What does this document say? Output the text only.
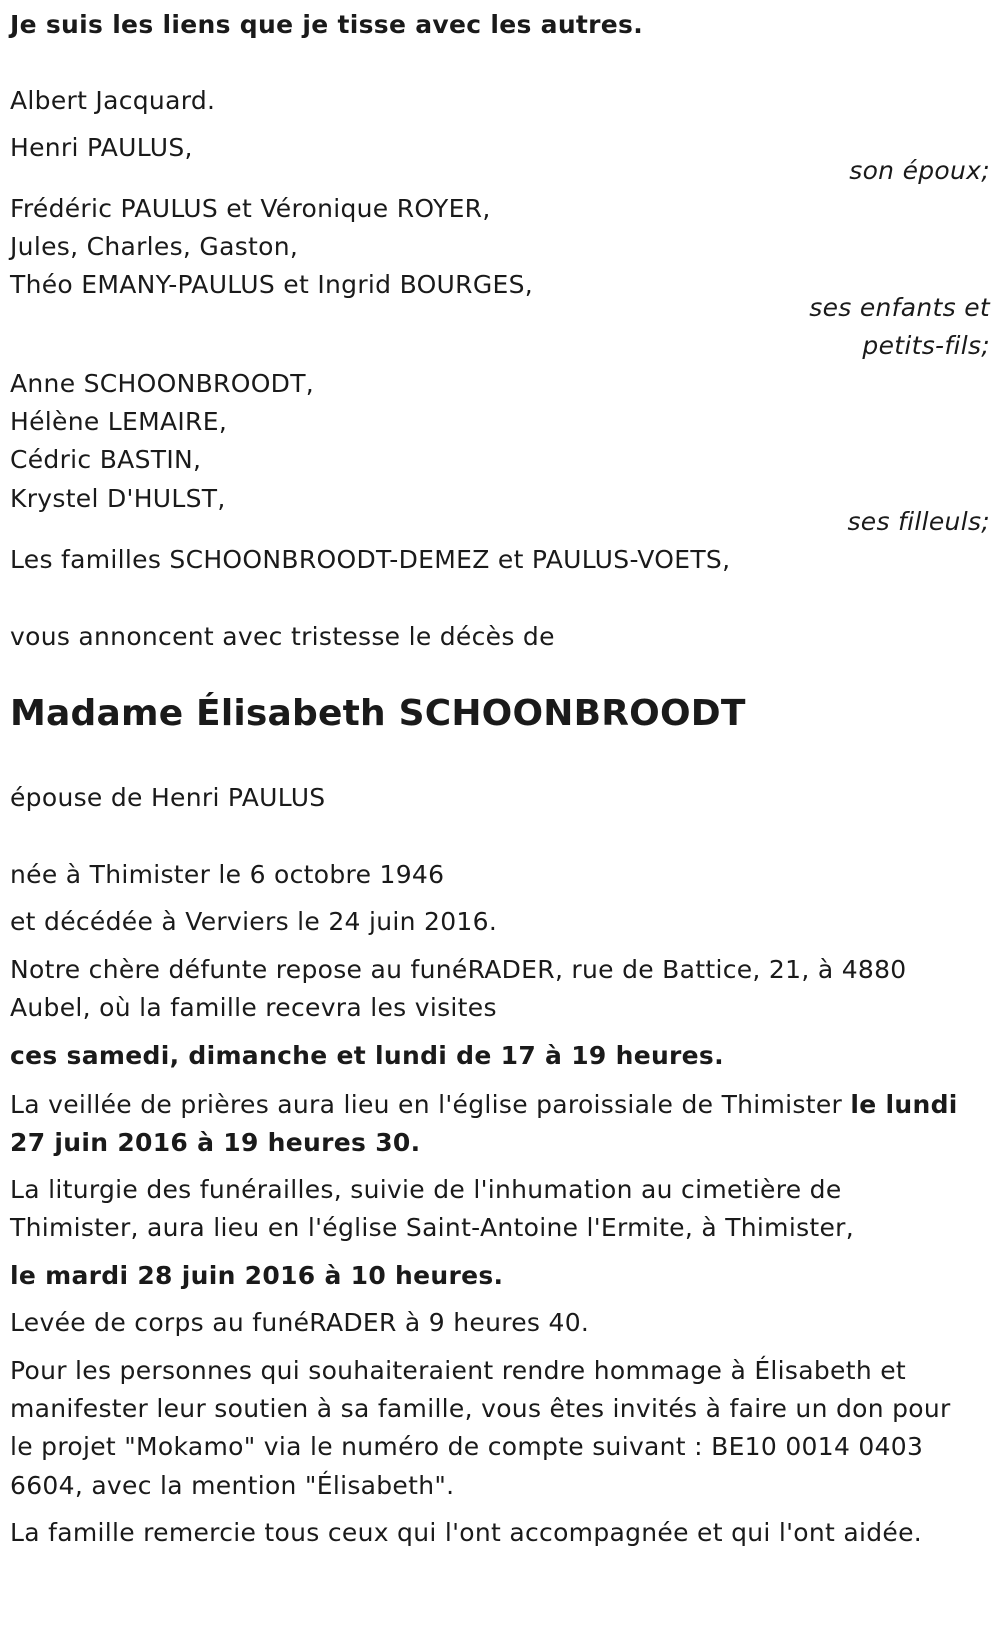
Je suis les liens que je tisse avec les autres.
Albert Jacquard.
Henri PAULUS,
son époux;
Frédéric PAULUS et Véronique ROYER,
Jules, Charles, Gaston,
Théo EMANY-PAULUS et Ingrid BOURGES,
ses enfants et
petits-fils;
Anne SCHOONBROODT,
Hélène LEMAIRE,
Cédric BASTIN,
Krystel D'HULST,
ses filleuls;
Les familles SCHOONBROODT-DEMEZ et PAULUS-VOETS,
vous annoncent avec tristesse le décès de
Madame Élisabeth SCHOONBROODT
épouse de Henri PAULUS
née à Thimister le 6 octobre 1946
et décédée à Verviers le 24 juin 2016.
Notre chère défunte repose au funéRADER, rue de Battice, 21, à 4880
Aubel, où la famille recevra les visites
ces samedi, dimanche et lundi de 17 à 19 heures.
La veillée de prières aura lieu en l'église paroissiale de Thimister le lundi
27 juin 2016 à 19 heures 30.
La liturgie des funérailles, suivie de l'inhumation au cimetière de
Thimister, aura lieu en l'église Saint-Antoine l'Ermite, à Thimister,
le mardi 28 juin 2016 à 10 heures.
Levée de corps au funéRADER à 9 heures 40.
Pour les personnes qui souhaiteraient rendre hommage à Élisabeth et
manifester leur soutien à sa famille, vous êtes invités à faire un don pour
le projet "Mokamo" via le numéro de compte suivant : BE10 0014 0403
6604, avec la mention "Élisabeth".
La famille remercie tous ceux qui l'ont accompagnée et qui l'ont aidée.
